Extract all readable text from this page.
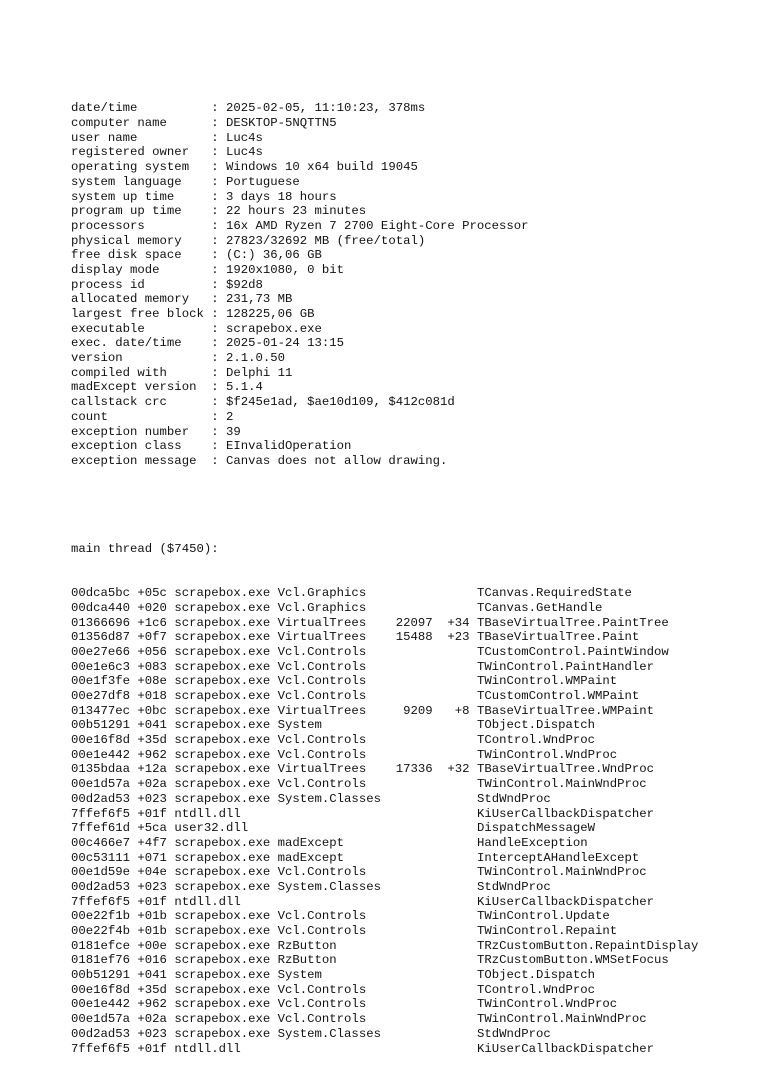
date/time          : 2025-02-05, 11:10:23, 378ms
computer name      : DESKTOP-5NQTTN5
user name          : Luc4s
registered owner   : Luc4s
operating system   : Windows 10 x64 build 19045
system language    : Portuguese
system up time     : 3 days 18 hours
program up time    : 22 hours 23 minutes
processors         : 16x AMD Ryzen 7 2700 Eight-Core Processor
physical memory    : 27823/32692 MB (free/total)
free disk space    : (C:) 36,06 GB
display mode       : 1920x1080, 0 bit
process id         : $92d8
allocated memory   : 231,73 MB
largest free block : 128225,06 GB
executable         : scrapebox.exe
exec. date/time    : 2025-01-24 13:15
version            : 2.1.0.50
compiled with      : Delphi 11
madExcept version  : 5.1.4
callstack crc      : $f245e1ad, $ae10d109, $412c081d
count              : 2
exception number   : 39
exception class    : EInvalidOperation
exception message  : Canvas does not allow drawing.

main thread ($7450):

00dca5bc +05c scrapebox.exe Vcl.Graphics	TCanvas.RequiredState
00dca440 +020 scrapebox.exe Vcl.Graphics	TCanvas.GetHandle
01366696 +1c6 scrapebox.exe VirtualTrees    22097  +34 TBaseVirtualTree.PaintTree
01356d87 +0f7 scrapebox.exe VirtualTrees    15488  +23 TBaseVirtualTree.Paint
00e27e66 +056 scrapebox.exe Vcl.Controls	TCustomControl.PaintWindow
00e1e6c3 +083 scrapebox.exe Vcl.Controls	TWinControl.PaintHandler
00e1f3fe +08e scrapebox.exe Vcl.Controls	TWinControl.WMPaint
00e27df8 +018 scrapebox.exe Vcl.Controls	TCustomControl.WMPaint
013477ec +0bc scrapebox.exe VirtualTrees     9209   +8 TBaseVirtualTree.WMPaint
00b51291 +041 scrapebox.exe System	TObject.Dispatch
00e16f8d +35d scrapebox.exe Vcl.Controls	TControl.WndProc
00e1e442 +962 scrapebox.exe Vcl.Controls	TWinControl.WndProc
0135bdaa +12a scrapebox.exe VirtualTrees    17336  +32 TBaseVirtualTree.WndProc
00e1d57a +02a scrapebox.exe Vcl.Controls	TWinControl.MainWndProc
00d2ad53 +023 scrapebox.exe System.Classes	StdWndProc
7ffef6f5 +01f ntdll.dll	KiUserCallbackDispatcher
7ffef61d +5ca user32.dll	DispatchMessageW
00c466e7 +4f7 scrapebox.exe madExcept	HandleException
00c53111 +071 scrapebox.exe madExcept	InterceptAHandleExcept
00e1d59e +04e scrapebox.exe Vcl.Controls	TWinControl.MainWndProc
00d2ad53 +023 scrapebox.exe System.Classes	StdWndProc
7ffef6f5 +01f ntdll.dll	KiUserCallbackDispatcher
00e22f1b +01b scrapebox.exe Vcl.Controls	TWinControl.Update
00e22f4b +01b scrapebox.exe Vcl.Controls	TWinControl.Repaint
0181efce +00e scrapebox.exe RzButton	TRzCustomButton.RepaintDisplay
0181ef76 +016 scrapebox.exe RzButton	TRzCustomButton.WMSetFocus
00b51291 +041 scrapebox.exe System	TObject.Dispatch
00e16f8d +35d scrapebox.exe Vcl.Controls	TControl.WndProc
00e1e442 +962 scrapebox.exe Vcl.Controls	TWinControl.WndProc
00e1d57a +02a scrapebox.exe Vcl.Controls	TWinControl.MainWndProc
00d2ad53 +023 scrapebox.exe System.Classes	StdWndProc
7ffef6f5 +01f ntdll.dll	KiUserCallbackDispatcher
